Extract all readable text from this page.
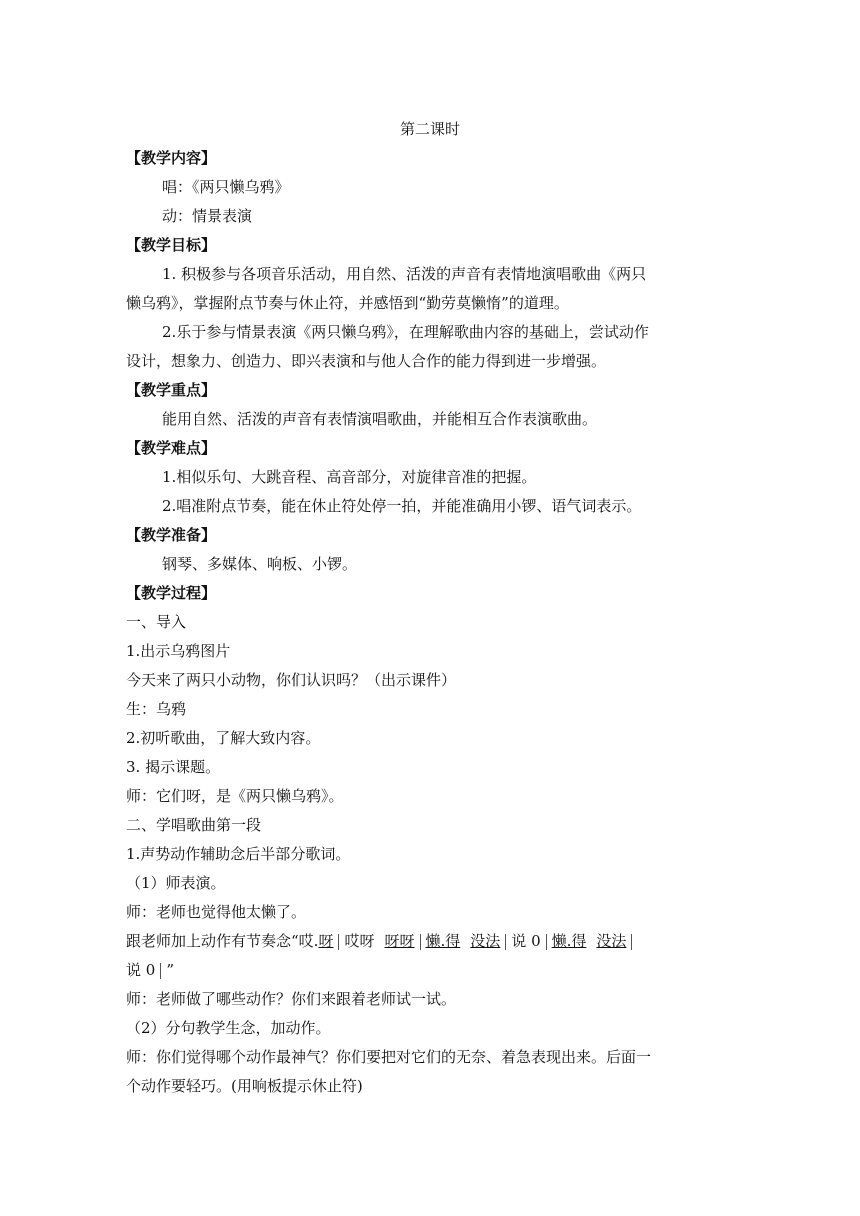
第二课时
【教学内容】
唱：《两只懒乌鸦》
动：情景表演
【教学目标】
1. 积极参与各项音乐活动，用自然、活泼的声音有表情地演唱歌曲《两只
懒乌鸦》，掌握附点节奏与休止符，并感悟到“勤劳莫懒惰”的道理。
2.乐于参与情景表演《两只懒乌鸦》，在理解歌曲内容的基础上，尝试动作
设计，想象力、创造力、即兴表演和与他人合作的能力得到进一步增强。
【教学重点】
能用自然、活泼的声音有表情演唱歌曲，并能相互合作表演歌曲。
【教学难点】
1.相似乐句、大跳音程、高音部分，对旋律音准的把握。
2.唱准附点节奏，能在休止符处停一拍，并能准确用小锣、语气词表示。
【教学准备】
钢琴、多媒体、响板、小锣。
【教学过程】
一、导入
1.出示乌鸦图片
今天来了两只小动物，你们认识吗？（出示课件）
生：乌鸦
2.初听歌曲，了解大致内容。
3. 揭示课题。
师：它们呀，是《两只懒乌鸦》。
二、学唱歌曲第一段
1.声势动作辅助念后半部分歌词。
（1）师表演。
师：老师也觉得他太懒了。
跟老师加上动作有节奏念“哎.呀 哎呀 呀呀 懒.得 没法 说 0 懒.得 没法
说 0 ”
师：老师做了哪些动作？你们来跟着老师试一试。
（2）分句教学生念，加动作。
师：你们觉得哪个动作最神气？你们要把对它们的无奈、着急表现出来。后面一
个动作要轻巧。(用响板提示休止符)
